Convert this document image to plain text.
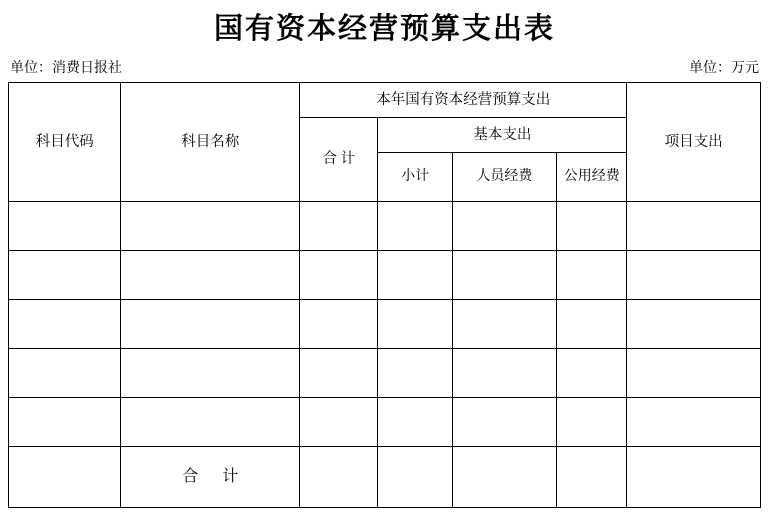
国有资本经营预算支出表
单位：消费日报社	单位：万元
科目代码	科目名称	本年国有资本经营预算支出				项目支出
		合 计	基本支出			
			小计	人员经费	公用经费	

	合 计					
